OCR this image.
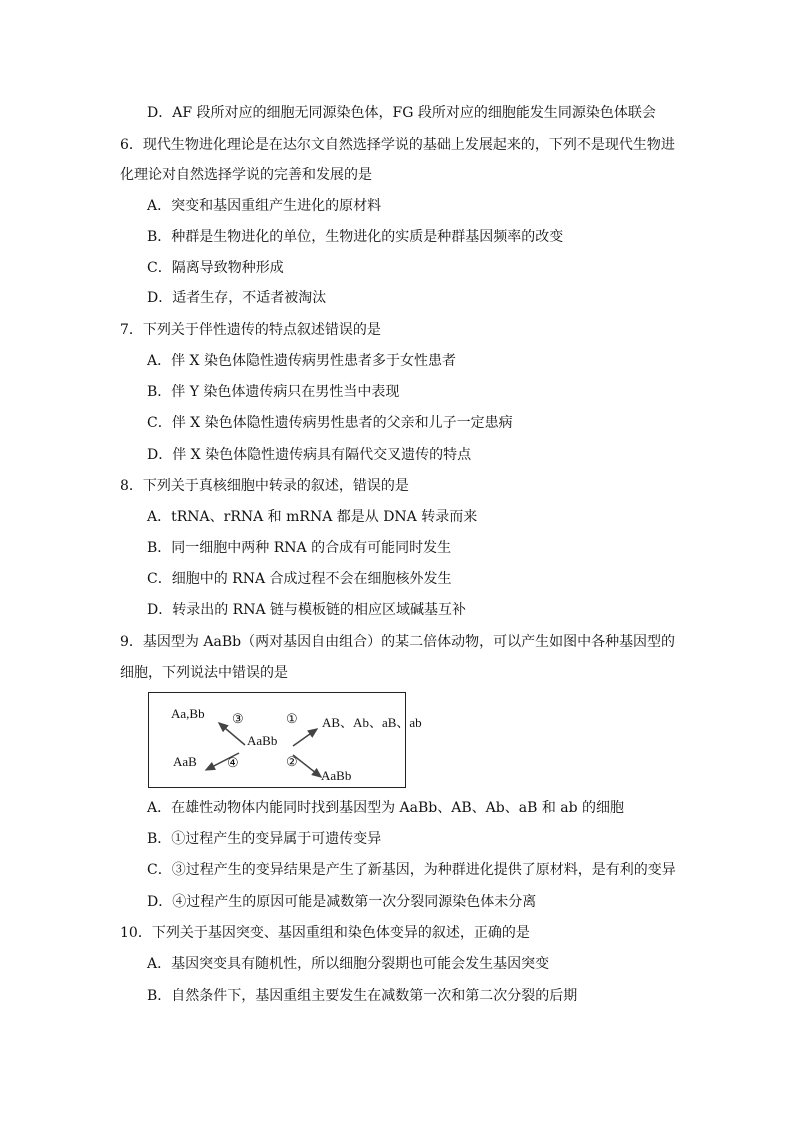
D．AF 段所对应的细胞无同源染色体，FG 段所对应的细胞能发生同源染色体联会
6．现代生物进化理论是在达尔文自然选择学说的基础上发展起来的，下列不是现代生物进
化理论对自然选择学说的完善和发展的是
A．突变和基因重组产生进化的原材料
B．种群是生物进化的单位，生物进化的实质是种群基因频率的改变
C．隔离导致物种形成
D．适者生存，不适者被淘汰
7．下列关于伴性遗传的特点叙述错误的是
A．伴 X 染色体隐性遗传病男性患者多于女性患者
B．伴 Y 染色体遗传病只在男性当中表现
C．伴 X 染色体隐性遗传病男性患者的父亲和儿子一定患病
D．伴 X 染色体隐性遗传病具有隔代交叉遗传的特点
8．下列关于真核细胞中转录的叙述，错误的是
A．tRNA、rRNA 和 mRNA 都是从 DNA 转录而来
B．同一细胞中两种 RNA 的合成有可能同时发生
C．细胞中的 RNA 合成过程不会在细胞核外发生
D．转录出的 RNA 链与模板链的相应区域碱基互补
9．基因型为 AaBb（两对基因自由组合）的某二倍体动物，可以产生如图中各种基因型的
细胞，下列说法中错误的是
A．在雄性动物体内能同时找到基因型为 AaBb、AB、Ab、aB 和 ab 的细胞
B．①过程产生的变异属于可遗传变异
C．③过程产生的变异结果是产生了新基因，为种群进化提供了原材料，是有利的变异
D．④过程产生的原因可能是减数第一次分裂同源染色体未分离
10．下列关于基因突变、基因重组和染色体变异的叙述，正确的是
A．基因突变具有随机性，所以细胞分裂期也可能会发生基因突变
B．自然条件下，基因重组主要发生在减数第一次和第二次分裂的后期
AaBb
Aa,Bb
AaB
AB、Ab、aB、ab
AaBb
①
②
③
④
